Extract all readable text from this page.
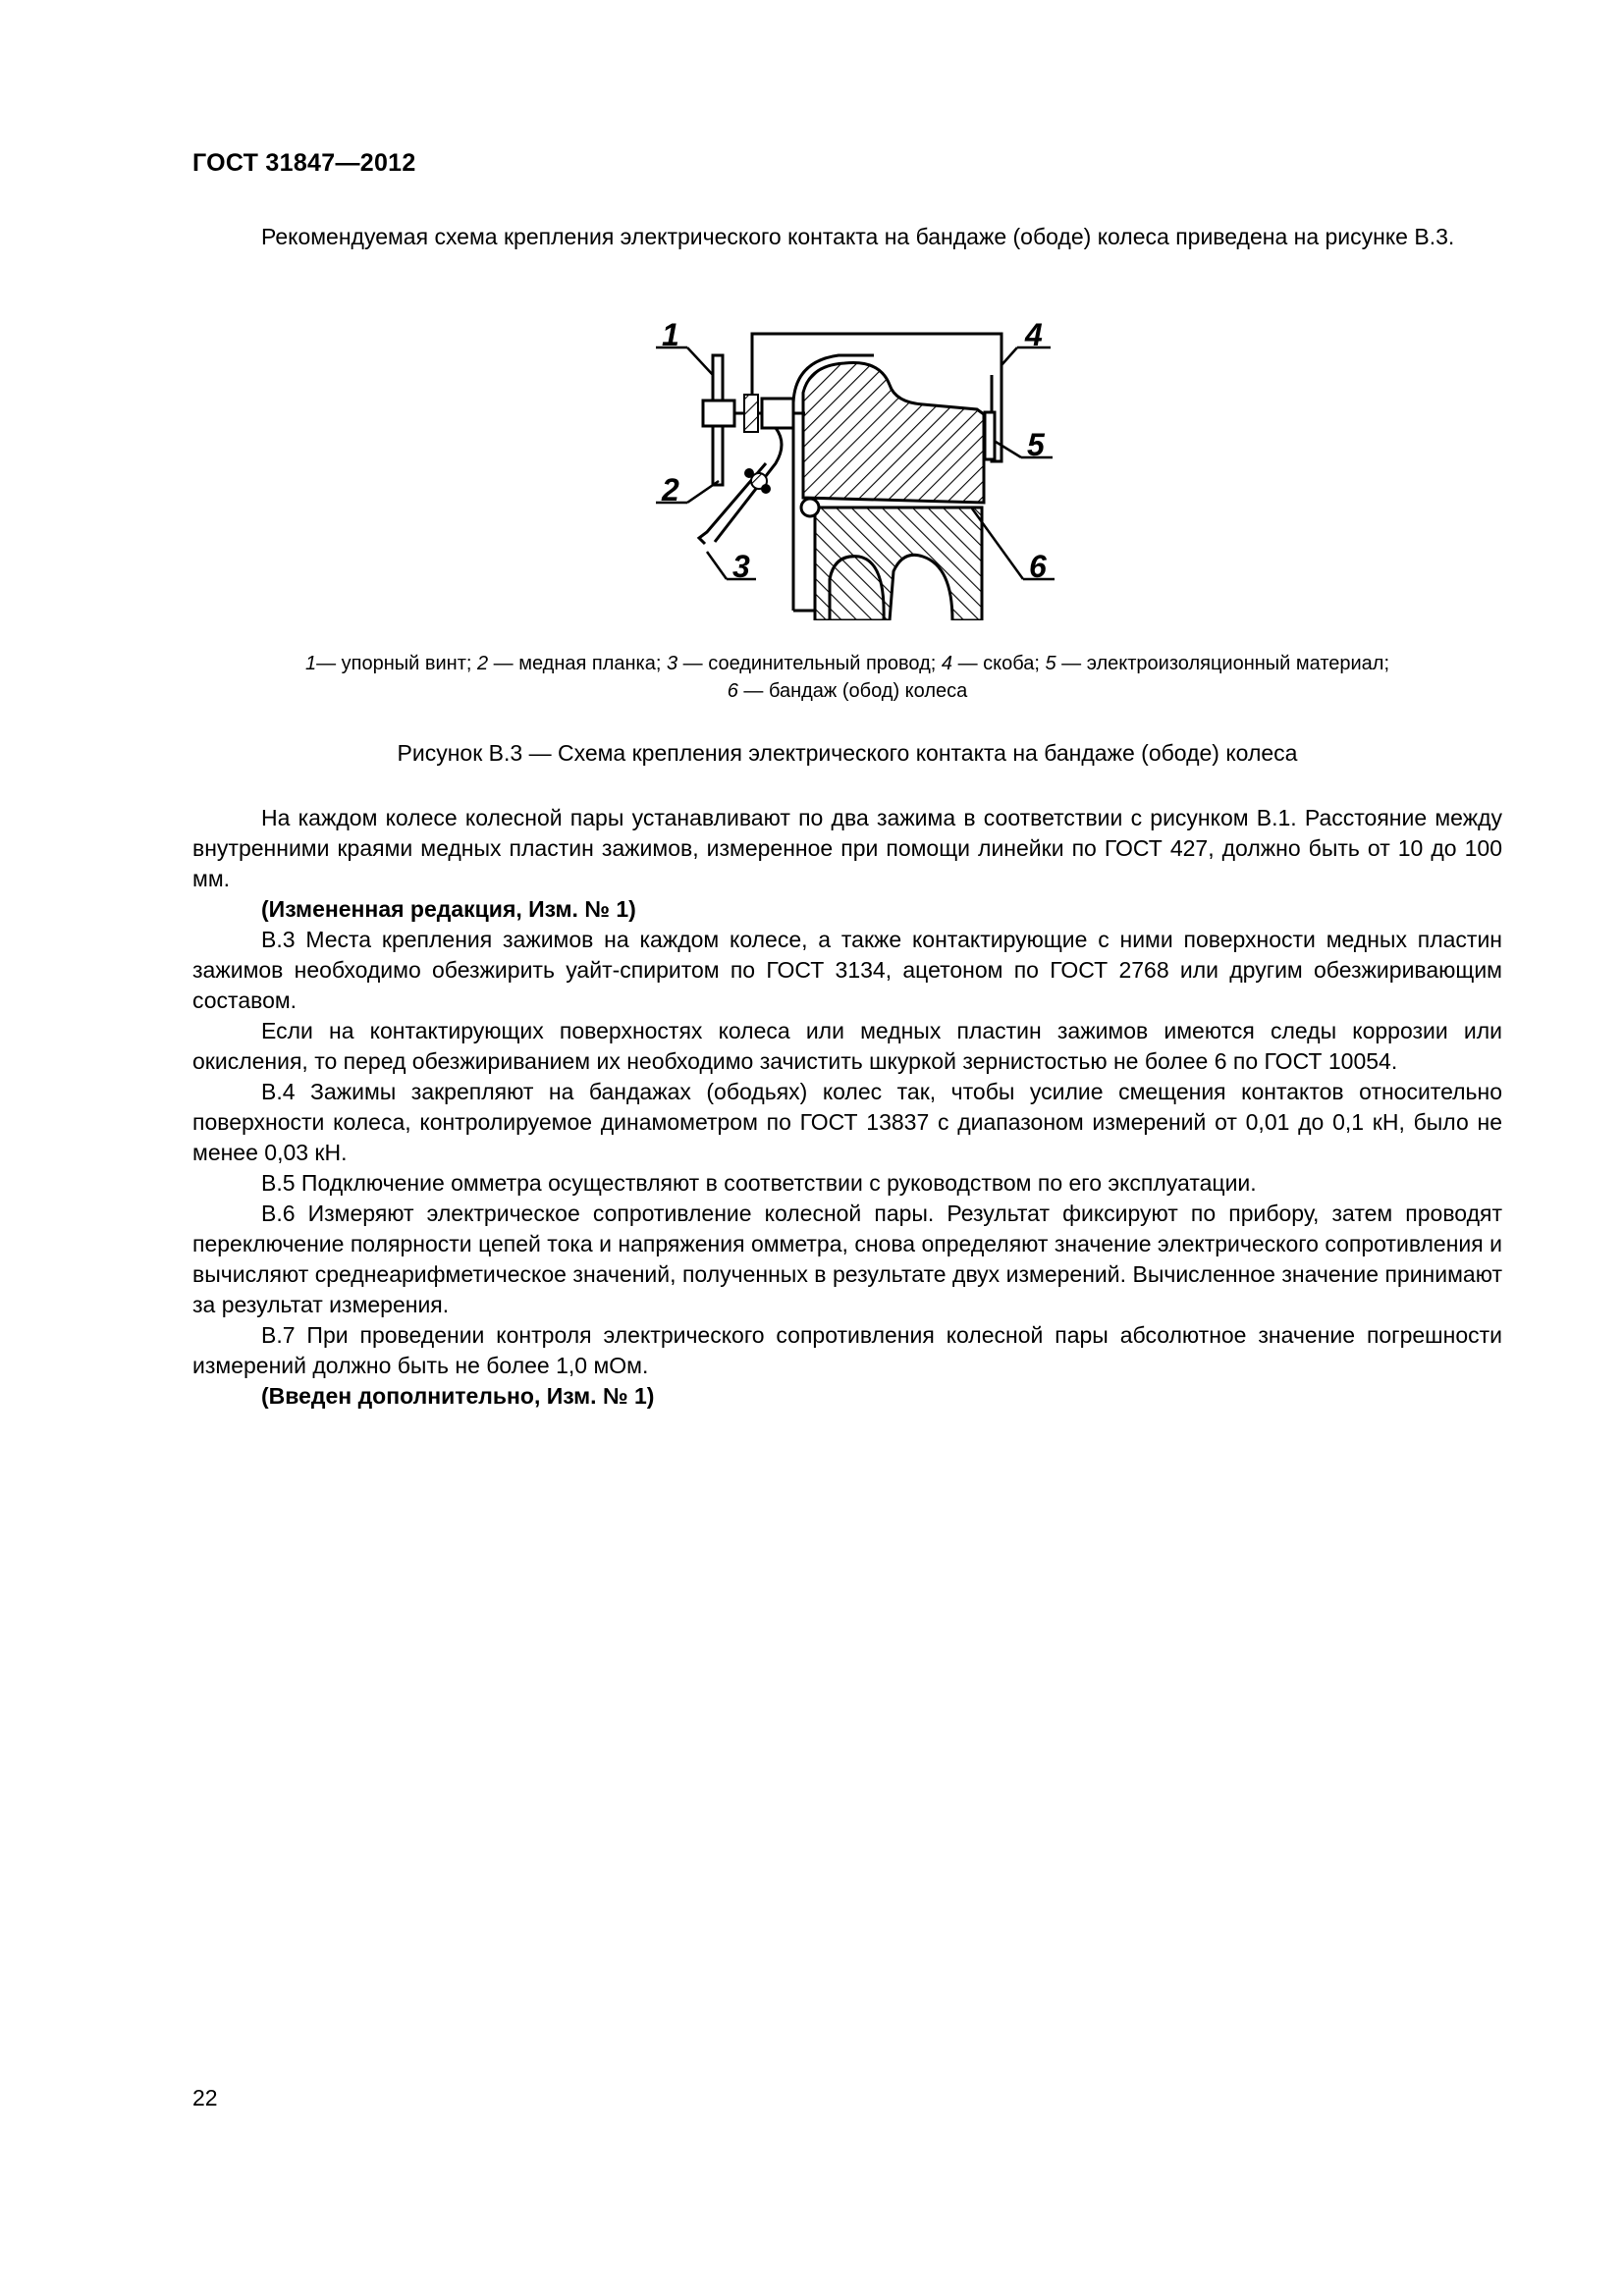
ГОСТ 31847—2012

Рекомендуемая схема крепления электрического контакта на бандаже (ободе) колеса приведена на рисунке В.3.

1
2
3
4
5
6
1— упорный винт; 2 — медная планка; 3 — соединительный провод; 4 — скоба; 5 — электроизоляционный материал;
6 — бандаж (обод) колеса
Рисунок В.3 — Схема крепления электрического контакта на бандаже (ободе) колеса

На каждом колесе колесной пары устанавливают по два зажима в соответствии с рисунком В.1. Расстояние между внутренними краями медных пластин зажимов, измеренное при помощи линейки по ГОСТ 427, должно быть от 10 до 100 мм.

(Измененная редакция, Изм. № 1)

В.3 Места крепления зажимов на каждом колесе, а также контактирующие с ними поверхности медных пластин зажимов необходимо обезжирить уайт-спиритом по ГОСТ 3134, ацетоном по ГОСТ 2768 или другим обезжиривающим составом.

Если на контактирующих поверхностях колеса или медных пластин зажимов имеются следы коррозии или окисления, то перед обезжириванием их необходимо зачистить шкуркой зернистостью не более 6 по ГОСТ 10054.

В.4 Зажимы закрепляют на бандажах (ободьях) колес так, чтобы усилие смещения контактов относительно поверхности колеса, контролируемое динамометром по ГОСТ 13837 с диапазоном измерений от 0,01 до 0,1 кН, было не менее 0,03 кН.

В.5 Подключение омметра осуществляют в соответствии с руководством по его эксплуатации.

В.6 Измеряют электрическое сопротивление колесной пары. Результат фиксируют по прибору, затем проводят переключение полярности цепей тока и напряжения омметра, снова определяют значение электрического сопротивления и вычисляют среднеарифметическое значений, полученных в результате двух измерений. Вычисленное значение принимают за результат измерения.

В.7 При проведении контроля электрического сопротивления колесной пары абсолютное значение погрешности измерений должно быть не более 1,0 мОм.

(Введен дополнительно, Изм. № 1)

22
